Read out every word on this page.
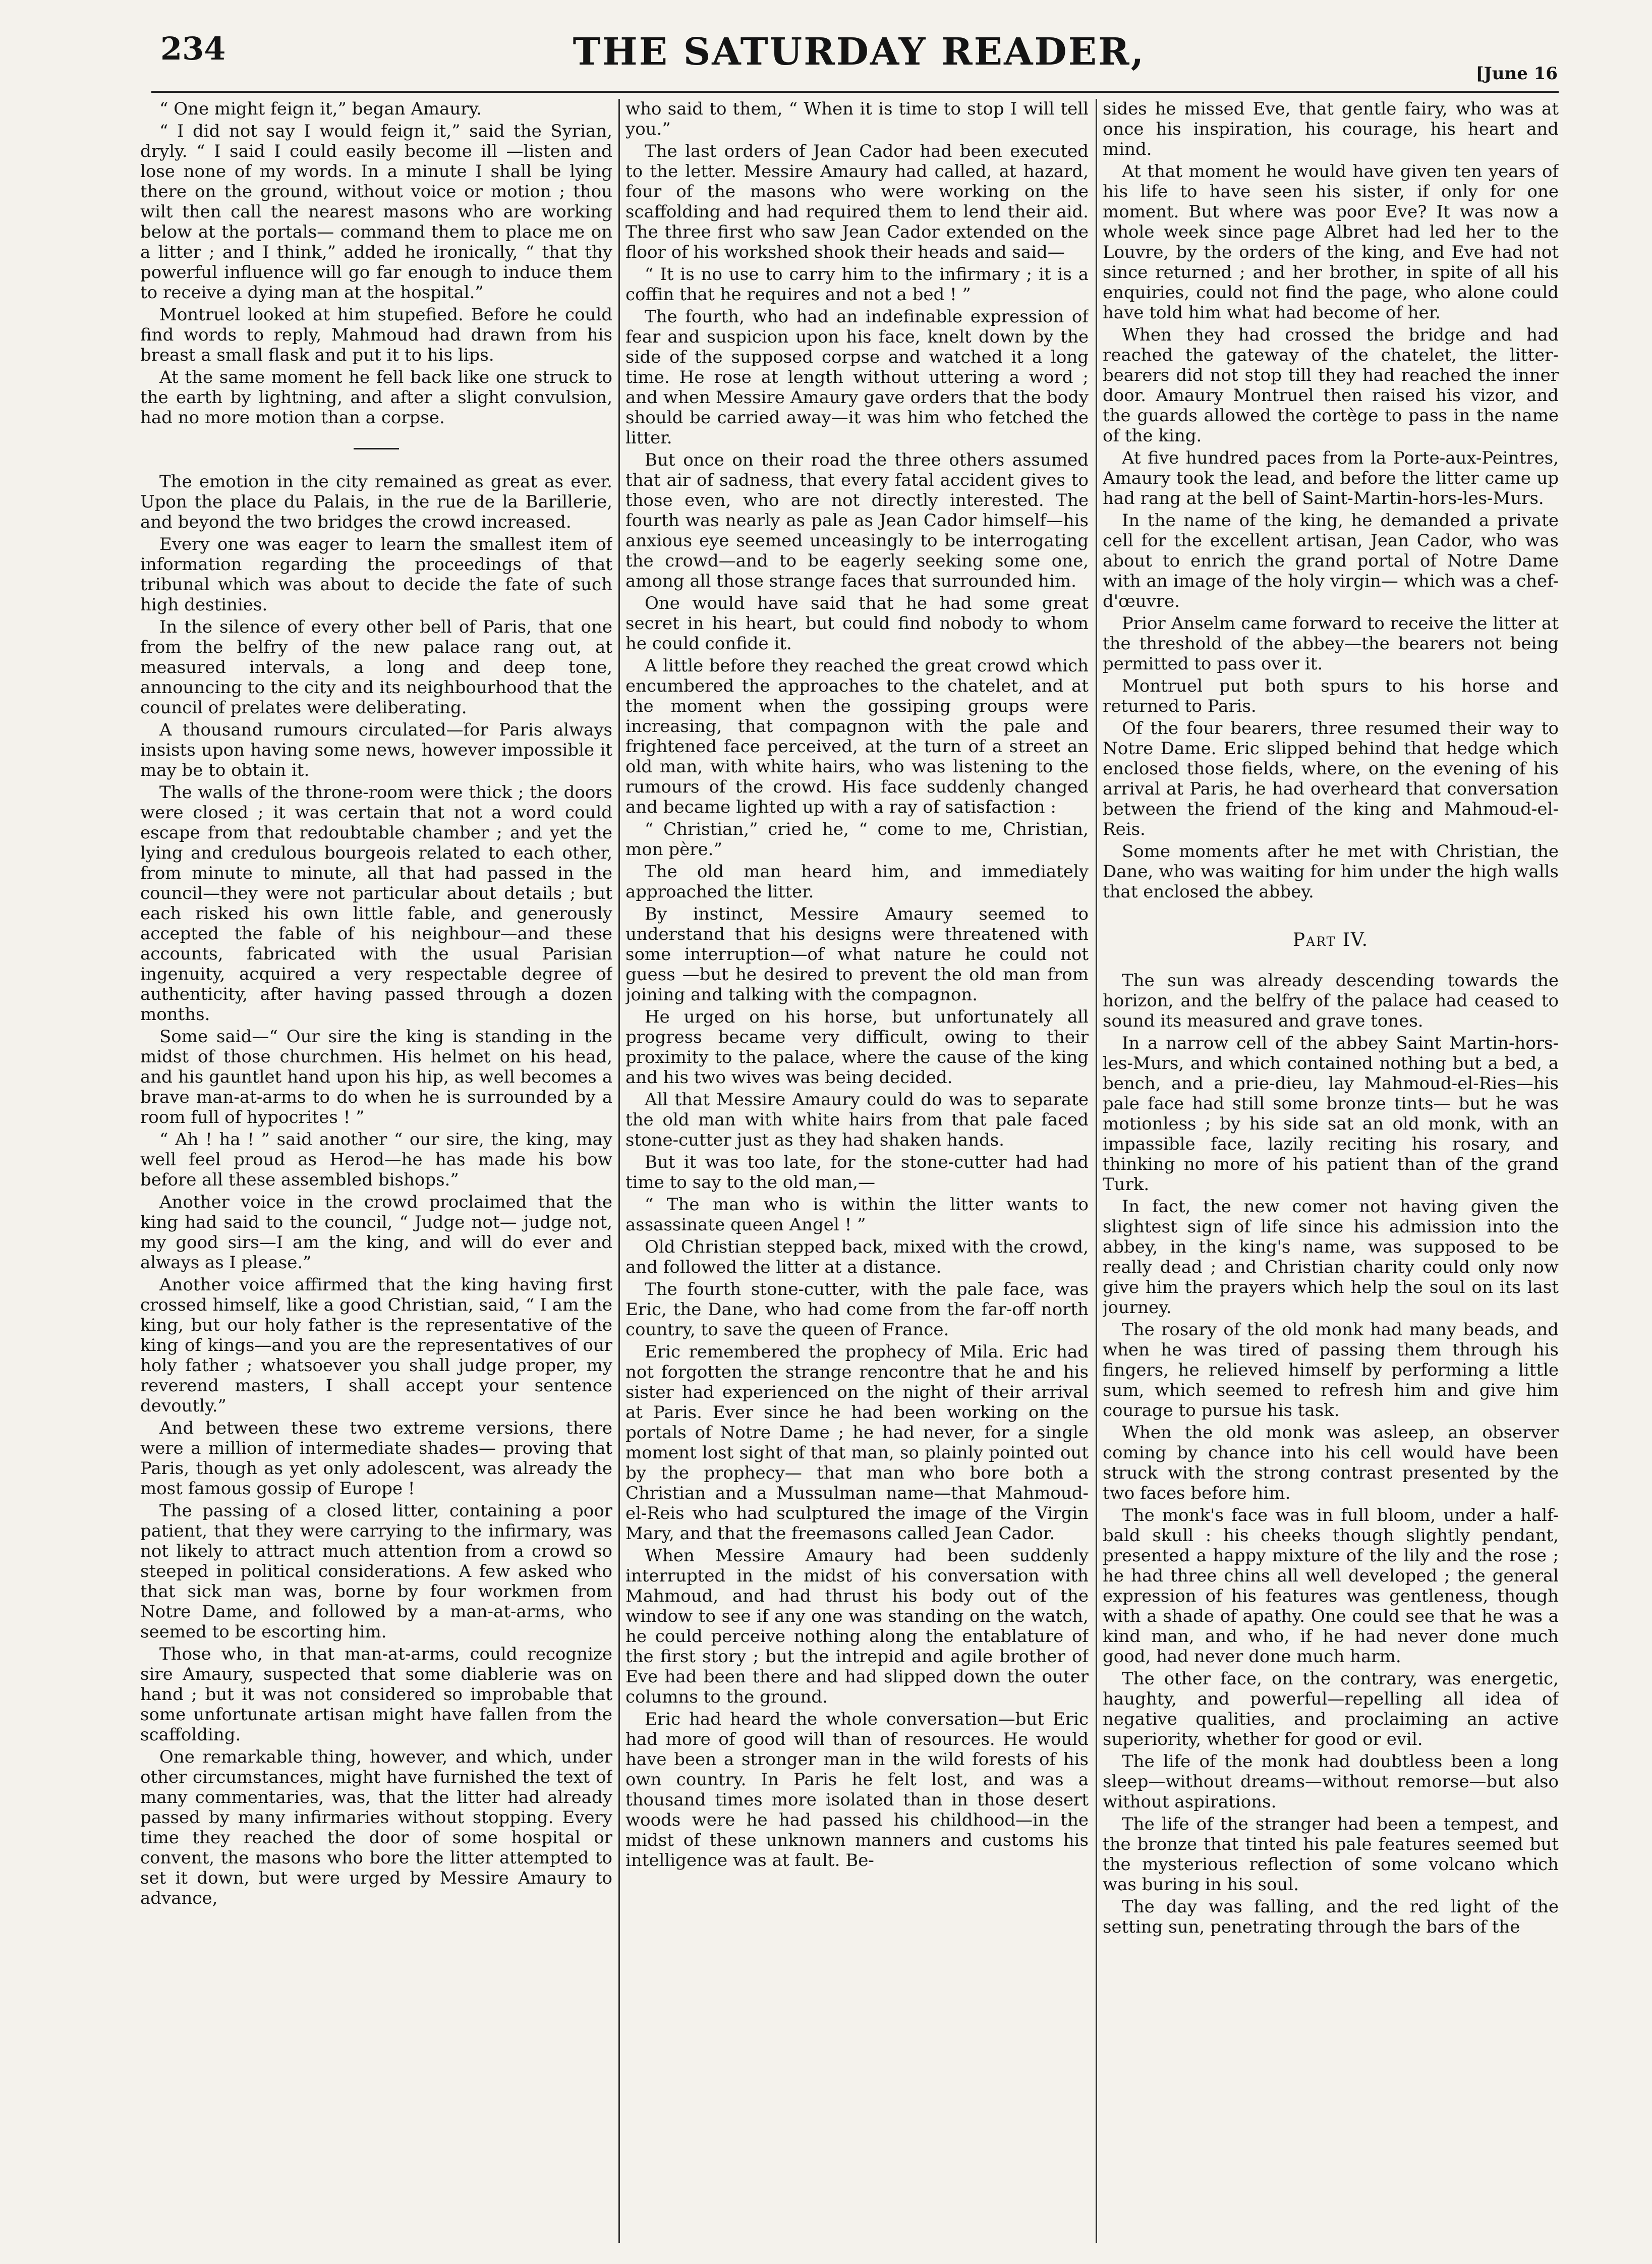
234	THE SATURDAY READER,	[June 16

“ One might feign it,” began Amaury.

“ I did not say I would feign it,” said the Syrian, dryly. “ I said I could easily become ill —listen and lose none of my words. In a minute I shall be lying there on the ground, without voice or motion ; thou wilt then call the nearest masons who are working below at the portals— command them to place me on a litter ; and I think,” added he ironically, “ that thy powerful influence will go far enough to induce them to receive a dying man at the hospital.”

Montruel looked at him stupefied. Before he could find words to reply, Mahmoud had drawn from his breast a small flask and put it to his lips.

At the same moment he fell back like one struck to the earth by lightning, and after a slight convulsion, had no more motion than a corpse.

The emotion in the city remained as great as ever. Upon the place du Palais, in the rue de la Barillerie, and beyond the two bridges the crowd increased.

Every one was eager to learn the smallest item of information regarding the proceedings of that tribunal which was about to decide the fate of such high destinies.

In the silence of every other bell of Paris, that one from the belfry of the new palace rang out, at measured intervals, a long and deep tone, announcing to the city and its neighbourhood that the council of prelates were deliberating.

A thousand rumours circulated—for Paris always insists upon having some news, however impossible it may be to obtain it.

The walls of the throne-room were thick ; the doors were closed ; it was certain that not a word could escape from that redoubtable chamber ; and yet the lying and credulous bourgeois related to each other, from minute to minute, all that had passed in the council—they were not particular about details ; but each risked his own little fable, and generously accepted the fable of his neighbour—and these accounts, fabricated with the usual Parisian ingenuity, acquired a very respectable degree of authenticity, after having passed through a dozen months.

Some said—“ Our sire the king is standing in the midst of those churchmen. His helmet on his head, and his gauntlet hand upon his hip, as well becomes a brave man-at-arms to do when he is surrounded by a room full of hypocrites ! ”

“ Ah ! ha ! ” said another “ our sire, the king, may well feel proud as Herod—he has made his bow before all these assembled bishops.”

Another voice in the crowd proclaimed that the king had said to the council, “ Judge not— judge not, my good sirs—I am the king, and will do ever and always as I please.”

Another voice affirmed that the king having first crossed himself, like a good Christian, said, “ I am the king, but our holy father is the representative of the king of kings—and you are the representatives of our holy father ; whatsoever you shall judge proper, my reverend masters, I shall accept your sentence devoutly.”

And between these two extreme versions, there were a million of intermediate shades— proving that Paris, though as yet only adolescent, was already the most famous gossip of Europe !

The passing of a closed litter, containing a poor patient, that they were carrying to the infirmary, was not likely to attract much attention from a crowd so steeped in political considerations. A few asked who that sick man was, borne by four workmen from Notre Dame, and followed by a man-at-arms, who seemed to be escorting him.

Those who, in that man-at-arms, could recognize sire Amaury, suspected that some diablerie was on hand ; but it was not considered so improbable that some unfortunate artisan might have fallen from the scaffolding.

One remarkable thing, however, and which, under other circumstances, might have furnished the text of many commentaries, was, that the litter had already passed by many infirmaries without stopping. Every time they reached the door of some hospital or convent, the masons who bore the litter attempted to set it down, but were urged by Messire Amaury to advance,

who said to them, “ When it is time to stop I will tell you.”

The last orders of Jean Cador had been executed to the letter. Messire Amaury had called, at hazard, four of the masons who were working on the scaffolding and had required them to lend their aid. The three first who saw Jean Cador extended on the floor of his workshed shook their heads and said—

“ It is no use to carry him to the infirmary ; it is a coffin that he requires and not a bed ! ”

The fourth, who had an indefinable expression of fear and suspicion upon his face, knelt down by the side of the supposed corpse and watched it a long time. He rose at length without uttering a word ; and when Messire Amaury gave orders that the body should be carried away—it was him who fetched the litter.

But once on their road the three others assumed that air of sadness, that every fatal accident gives to those even, who are not directly interested. The fourth was nearly as pale as Jean Cador himself—his anxious eye seemed unceasingly to be interrogating the crowd—and to be eagerly seeking some one, among all those strange faces that surrounded him.

One would have said that he had some great secret in his heart, but could find nobody to whom he could confide it.

A little before they reached the great crowd which encumbered the approaches to the chatelet, and at the moment when the gossiping groups were increasing, that compagnon with the pale and frightened face perceived, at the turn of a street an old man, with white hairs, who was listening to the rumours of the crowd. His face suddenly changed and became lighted up with a ray of satisfaction :

“ Christian,” cried he, “ come to me, Christian, mon père.”

The old man heard him, and immediately approached the litter.

By instinct, Messire Amaury seemed to understand that his designs were threatened with some interruption—of what nature he could not guess —but he desired to prevent the old man from joining and talking with the compagnon.

He urged on his horse, but unfortunately all progress became very difficult, owing to their proximity to the palace, where the cause of the king and his two wives was being decided.

All that Messire Amaury could do was to separate the old man with white hairs from that pale faced stone-cutter just as they had shaken hands.

But it was too late, for the stone-cutter had had time to say to the old man,—

“ The man who is within the litter wants to assassinate queen Angel ! ”

Old Christian stepped back, mixed with the crowd, and followed the litter at a distance.

The fourth stone-cutter, with the pale face, was Eric, the Dane, who had come from the far-off north country, to save the queen of France.

Eric remembered the prophecy of Mila. Eric had not forgotten the strange rencontre that he and his sister had experienced on the night of their arrival at Paris. Ever since he had been working on the portals of Notre Dame ; he had never, for a single moment lost sight of that man, so plainly pointed out by the prophecy— that man who bore both a Christian and a Mussulman name—that Mahmoud-el-Reis who had sculptured the image of the Virgin Mary, and that the freemasons called Jean Cador.

When Messire Amaury had been suddenly interrupted in the midst of his conversation with Mahmoud, and had thrust his body out of the window to see if any one was standing on the watch, he could perceive nothing along the entablature of the first story ; but the intrepid and agile brother of Eve had been there and had slipped down the outer columns to the ground.

Eric had heard the whole conversation—but Eric had more of good will than of resources. He would have been a stronger man in the wild forests of his own country. In Paris he felt lost, and was a thousand times more isolated than in those desert woods were he had passed his childhood—in the midst of these unknown manners and customs his intelligence was at fault. Be-

sides he missed Eve, that gentle fairy, who was at once his inspiration, his courage, his heart and mind.

At that moment he would have given ten years of his life to have seen his sister, if only for one moment. But where was poor Eve? It was now a whole week since page Albret had led her to the Louvre, by the orders of the king, and Eve had not since returned ; and her brother, in spite of all his enquiries, could not find the page, who alone could have told him what had become of her.

When they had crossed the bridge and had reached the gateway of the chatelet, the litter-bearers did not stop till they had reached the inner door. Amaury Montruel then raised his vizor, and the guards allowed the cortège to pass in the name of the king.

At five hundred paces from la Porte-aux-Peintres, Amaury took the lead, and before the litter came up had rang at the bell of Saint-Martin-hors-les-Murs.

In the name of the king, he demanded a private cell for the excellent artisan, Jean Cador, who was about to enrich the grand portal of Notre Dame with an image of the holy virgin— which was a chef-d'œuvre.

Prior Anselm came forward to receive the litter at the threshold of the abbey—the bearers not being permitted to pass over it.

Montruel put both spurs to his horse and returned to Paris.

Of the four bearers, three resumed their way to Notre Dame. Eric slipped behind that hedge which enclosed those fields, where, on the evening of his arrival at Paris, he had overheard that conversation between the friend of the king and Mahmoud-el-Reis.

Some moments after he met with Christian, the Dane, who was waiting for him under the high walls that enclosed the abbey.

Part IV.

The sun was already descending towards the horizon, and the belfry of the palace had ceased to sound its measured and grave tones.

In a narrow cell of the abbey Saint Martin-hors-les-Murs, and which contained nothing but a bed, a bench, and a prie-dieu, lay Mahmoud-el-Ries—his pale face had still some bronze tints— but he was motionless ; by his side sat an old monk, with an impassible face, lazily reciting his rosary, and thinking no more of his patient than of the grand Turk.

In fact, the new comer not having given the slightest sign of life since his admission into the abbey, in the king's name, was supposed to be really dead ; and Christian charity could only now give him the prayers which help the soul on its last journey.

The rosary of the old monk had many beads, and when he was tired of passing them through his fingers, he relieved himself by performing a little sum, which seemed to refresh him and give him courage to pursue his task.

When the old monk was asleep, an observer coming by chance into his cell would have been struck with the strong contrast presented by the two faces before him.

The monk's face was in full bloom, under a half-bald skull : his cheeks though slightly pendant, presented a happy mixture of the lily and the rose ; he had three chins all well developed ; the general expression of his features was gentleness, though with a shade of apathy. One could see that he was a kind man, and who, if he had never done much good, had never done much harm.

The other face, on the contrary, was energetic, haughty, and powerful—repelling all idea of negative qualities, and proclaiming an active superiority, whether for good or evil.

The life of the monk had doubtless been a long sleep—without dreams—without remorse—but also without aspirations.

The life of the stranger had been a tempest, and the bronze that tinted his pale features seemed but the mysterious reflection of some volcano which was buring in his soul.

The day was falling, and the red light of the setting sun, penetrating through the bars of the
